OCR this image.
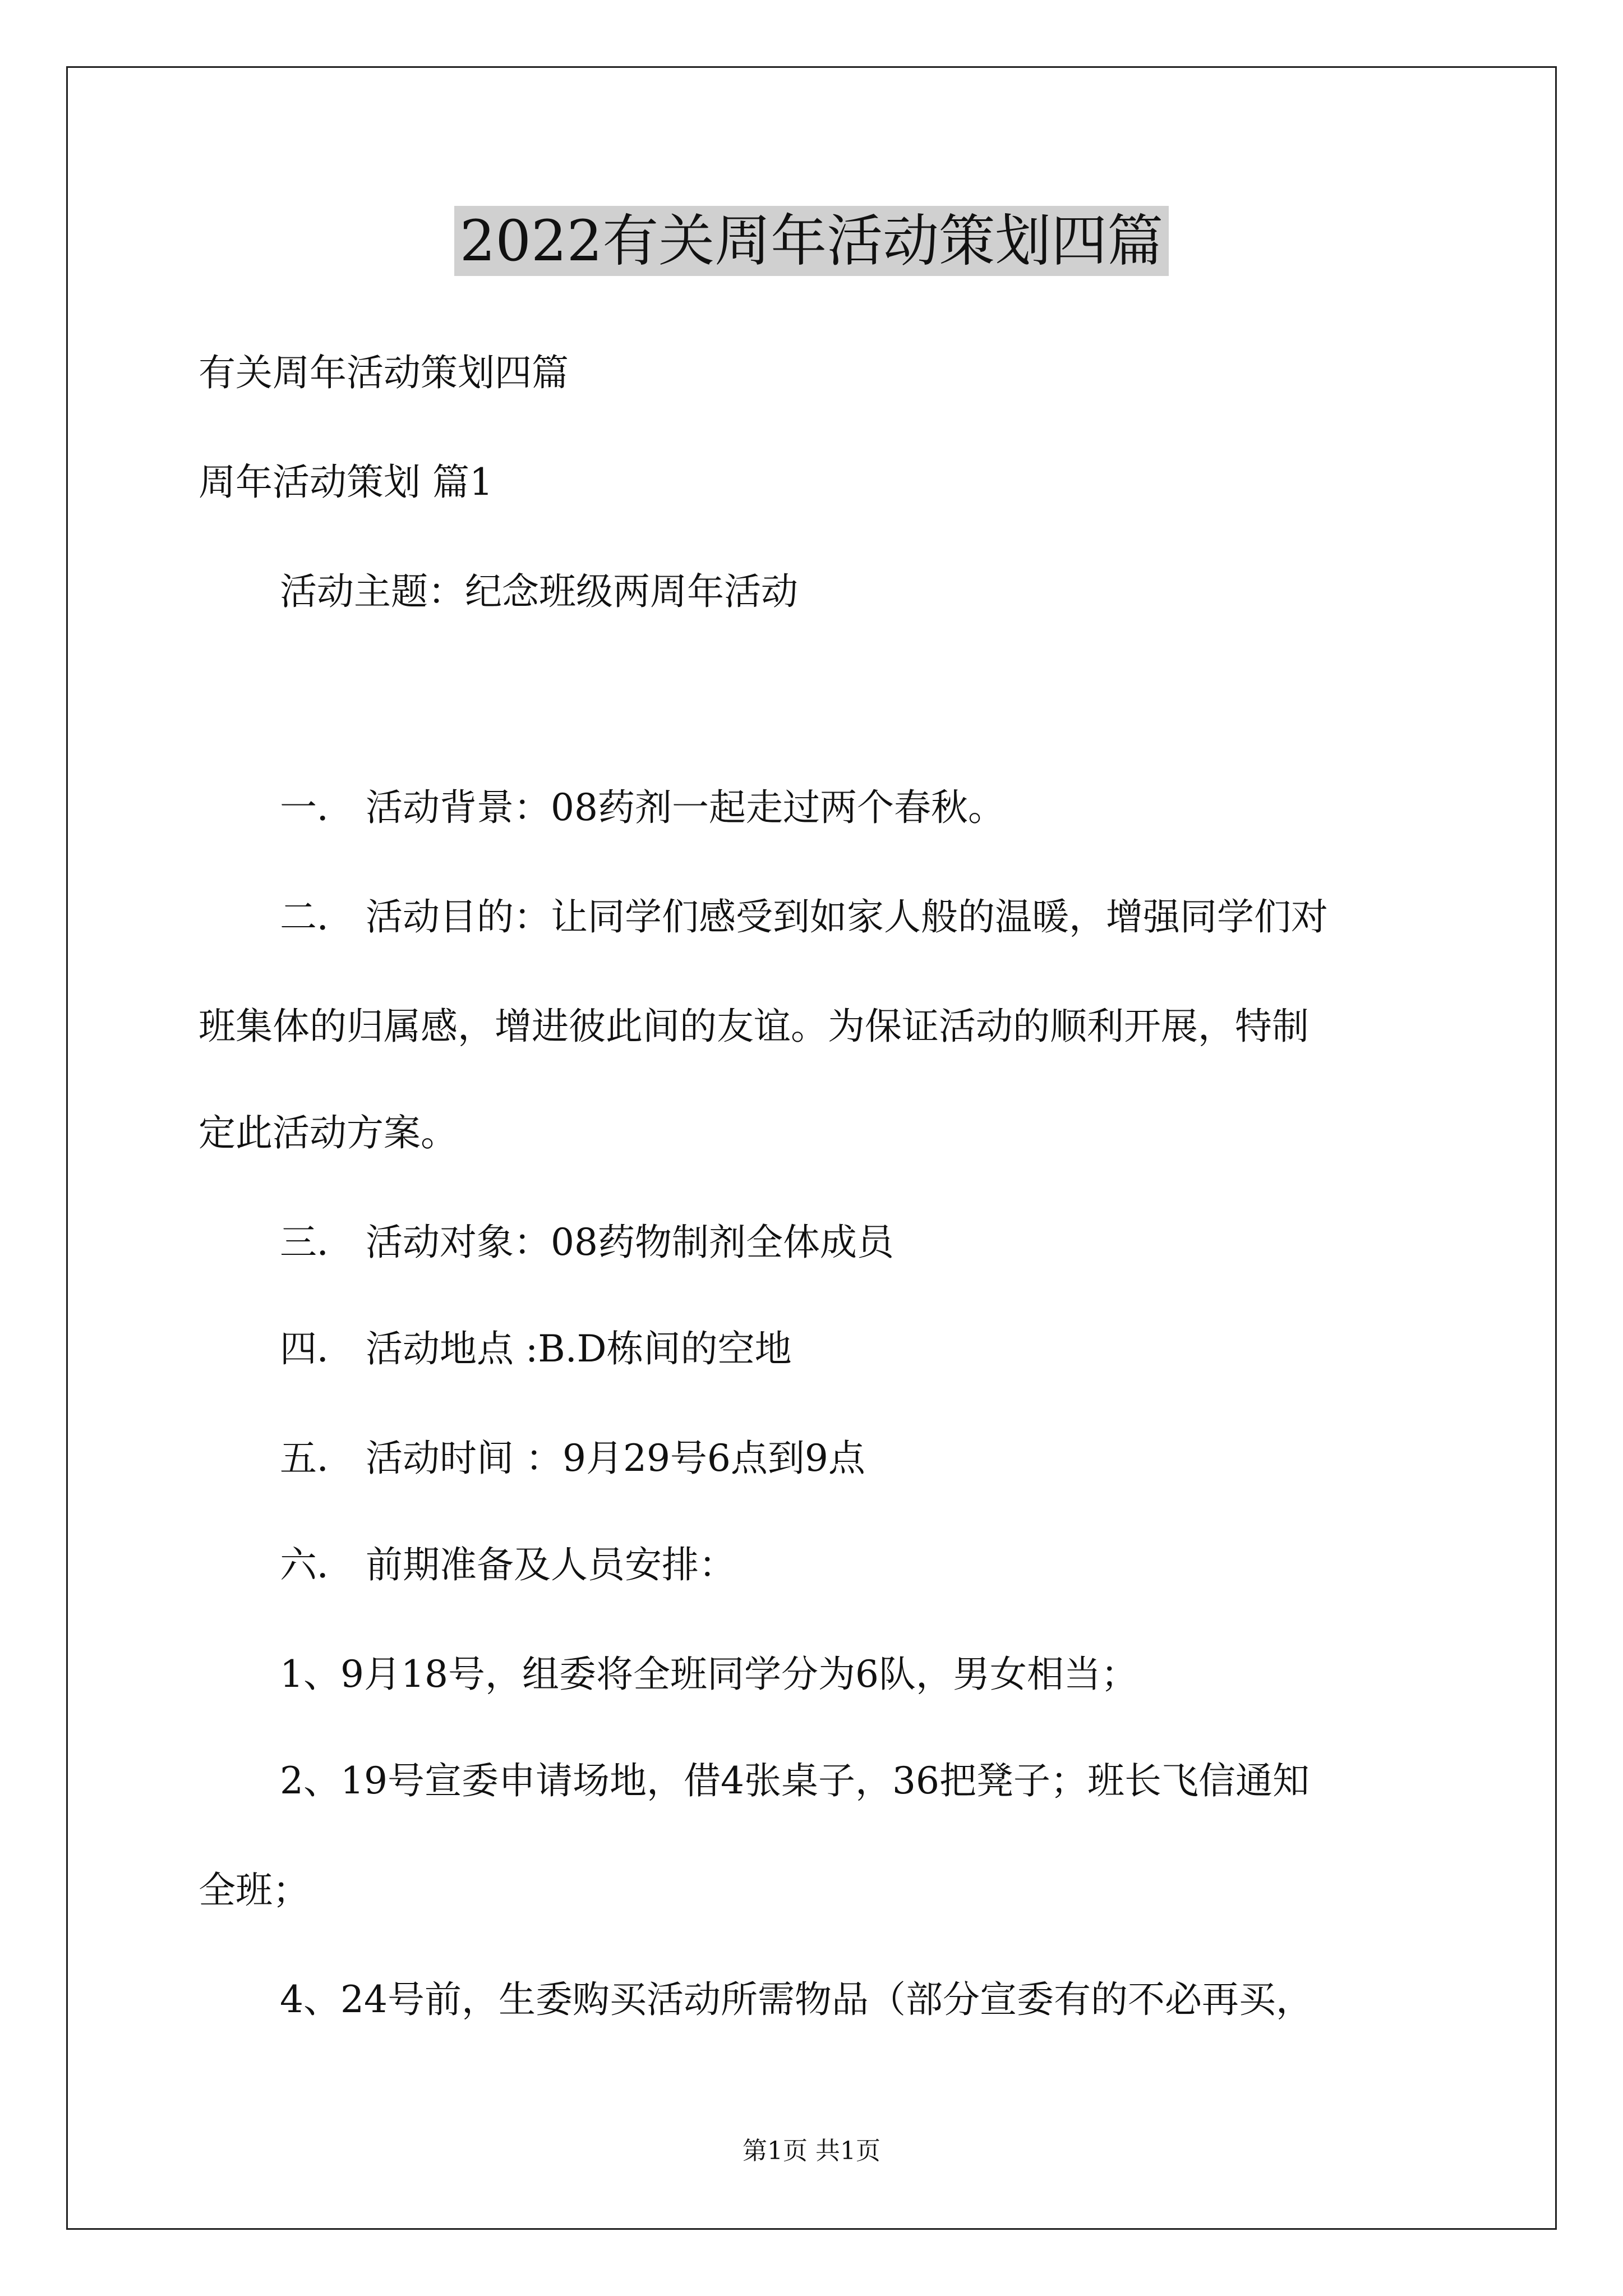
2022有关周年活动策划四篇
有关周年活动策划四篇
周年活动策划 篇1
活动主题：纪念班级两周年活动
一． 活动背景：08药剂一起走过两个春秋。
二． 活动目的：让同学们感受到如家人般的温暖，增强同学们对
班集体的归属感，增进彼此间的友谊。为保证活动的顺利开展，特制
定此活动方案。
三． 活动对象：08药物制剂全体成员
四． 活动地点 :B.D栋间的空地
五． 活动时间 ：9月29号6点到9点
六． 前期准备及人员安排：
1、9月18号，组委将全班同学分为6队，男女相当；
2、19号宣委申请场地，借4张桌子，36把凳子；班长飞信通知
全班；
4、24号前，生委购买活动所需物品（部分宣委有的不必再买，
第1页 共1页
